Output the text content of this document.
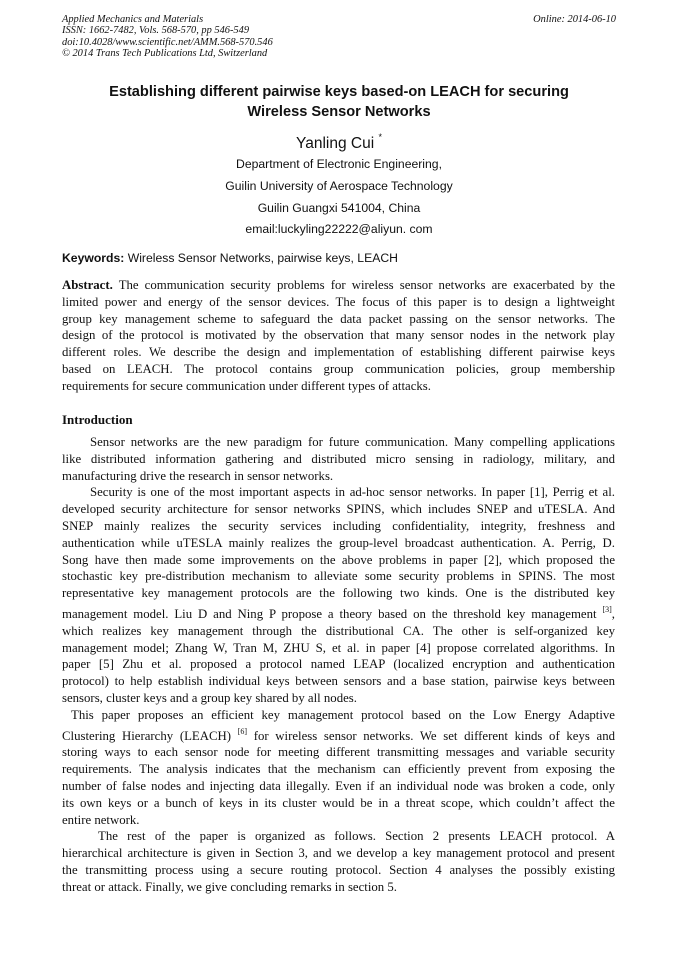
Applied Mechanics and Materials
ISSN: 1662-7482, Vols. 568-570, pp 546-549
doi:10.4028/www.scientific.net/AMM.568-570.546
© 2014 Trans Tech Publications Ltd, Switzerland
Online: 2014-06-10
Establishing different pairwise keys based-on LEACH for securing
Wireless Sensor Networks
Yanling Cui *
Department of Electronic Engineering,
Guilin University of Aerospace Technology
Guilin Guangxi 541004, China
email:luckyling22222@aliyun. com
Keywords: Wireless Sensor Networks, pairwise keys, LEACH
Abstract. The communication security problems for wireless sensor networks are exacerbated by the
limited power and energy of the sensor devices. The focus of this paper is to design a lightweight
group key management scheme to safeguard the data packet passing on the sensor networks. The
design of the protocol is motivated by the observation that many sensor nodes in the network play
different roles. We describe the design and implementation of establishing different pairwise keys
based on LEACH. The protocol contains group communication policies, group membership
requirements for secure communication under different types of attacks.
Introduction
Sensor networks are the new paradigm for future communication. Many compelling applications
like distributed information gathering and distributed micro sensing in radiology, military, and
manufacturing drive the research in sensor networks.
Security is one of the most important aspects in ad-hoc sensor networks. In paper [1], Perrig et al.
developed security architecture for sensor networks SPINS, which includes SNEP and uTESLA. And
SNEP mainly realizes the security services including confidentiality, integrity, freshness and
authentication while uTESLA mainly realizes the group-level broadcast authentication. A. Perrig, D.
Song have then made some improvements on the above problems in paper [2], which proposed the
stochastic key pre-distribution mechanism to alleviate some security problems in SPINS. The most
representative key management protocols are the following two kinds. One is the distributed key
management model. Liu D and Ning P propose a theory based on the threshold key management [3],
which realizes key management through the distributional CA. The other is self-organized key
management model; Zhang W, Tran M, ZHU S, et al. in paper [4] propose correlated algorithms. In
paper [5] Zhu et al. proposed a protocol named LEAP (localized encryption and authentication
protocol) to help establish individual keys between sensors and a base station, pairwise keys between
sensors, cluster keys and a group key shared by all nodes.
This paper proposes an efficient key management protocol based on the Low Energy Adaptive
Clustering Hierarchy (LEACH) [6] for wireless sensor networks. We set different kinds of keys and
storing ways to each sensor node for meeting different transmitting messages and variable security
requirements. The analysis indicates that the mechanism can efficiently prevent from exposing the
number of false nodes and injecting data illegally. Even if an individual node was broken a code, only
its own keys or a bunch of keys in its cluster would be in a threat scope, which couldn’t affect the
entire network.
The rest of the paper is organized as follows. Section 2 presents LEACH protocol. A
hierarchical architecture is given in Section 3, and we develop a key management protocol and present
the transmitting process using a secure routing protocol. Section 4 analyses the possibly existing
threat or attack. Finally, we give concluding remarks in section 5.
